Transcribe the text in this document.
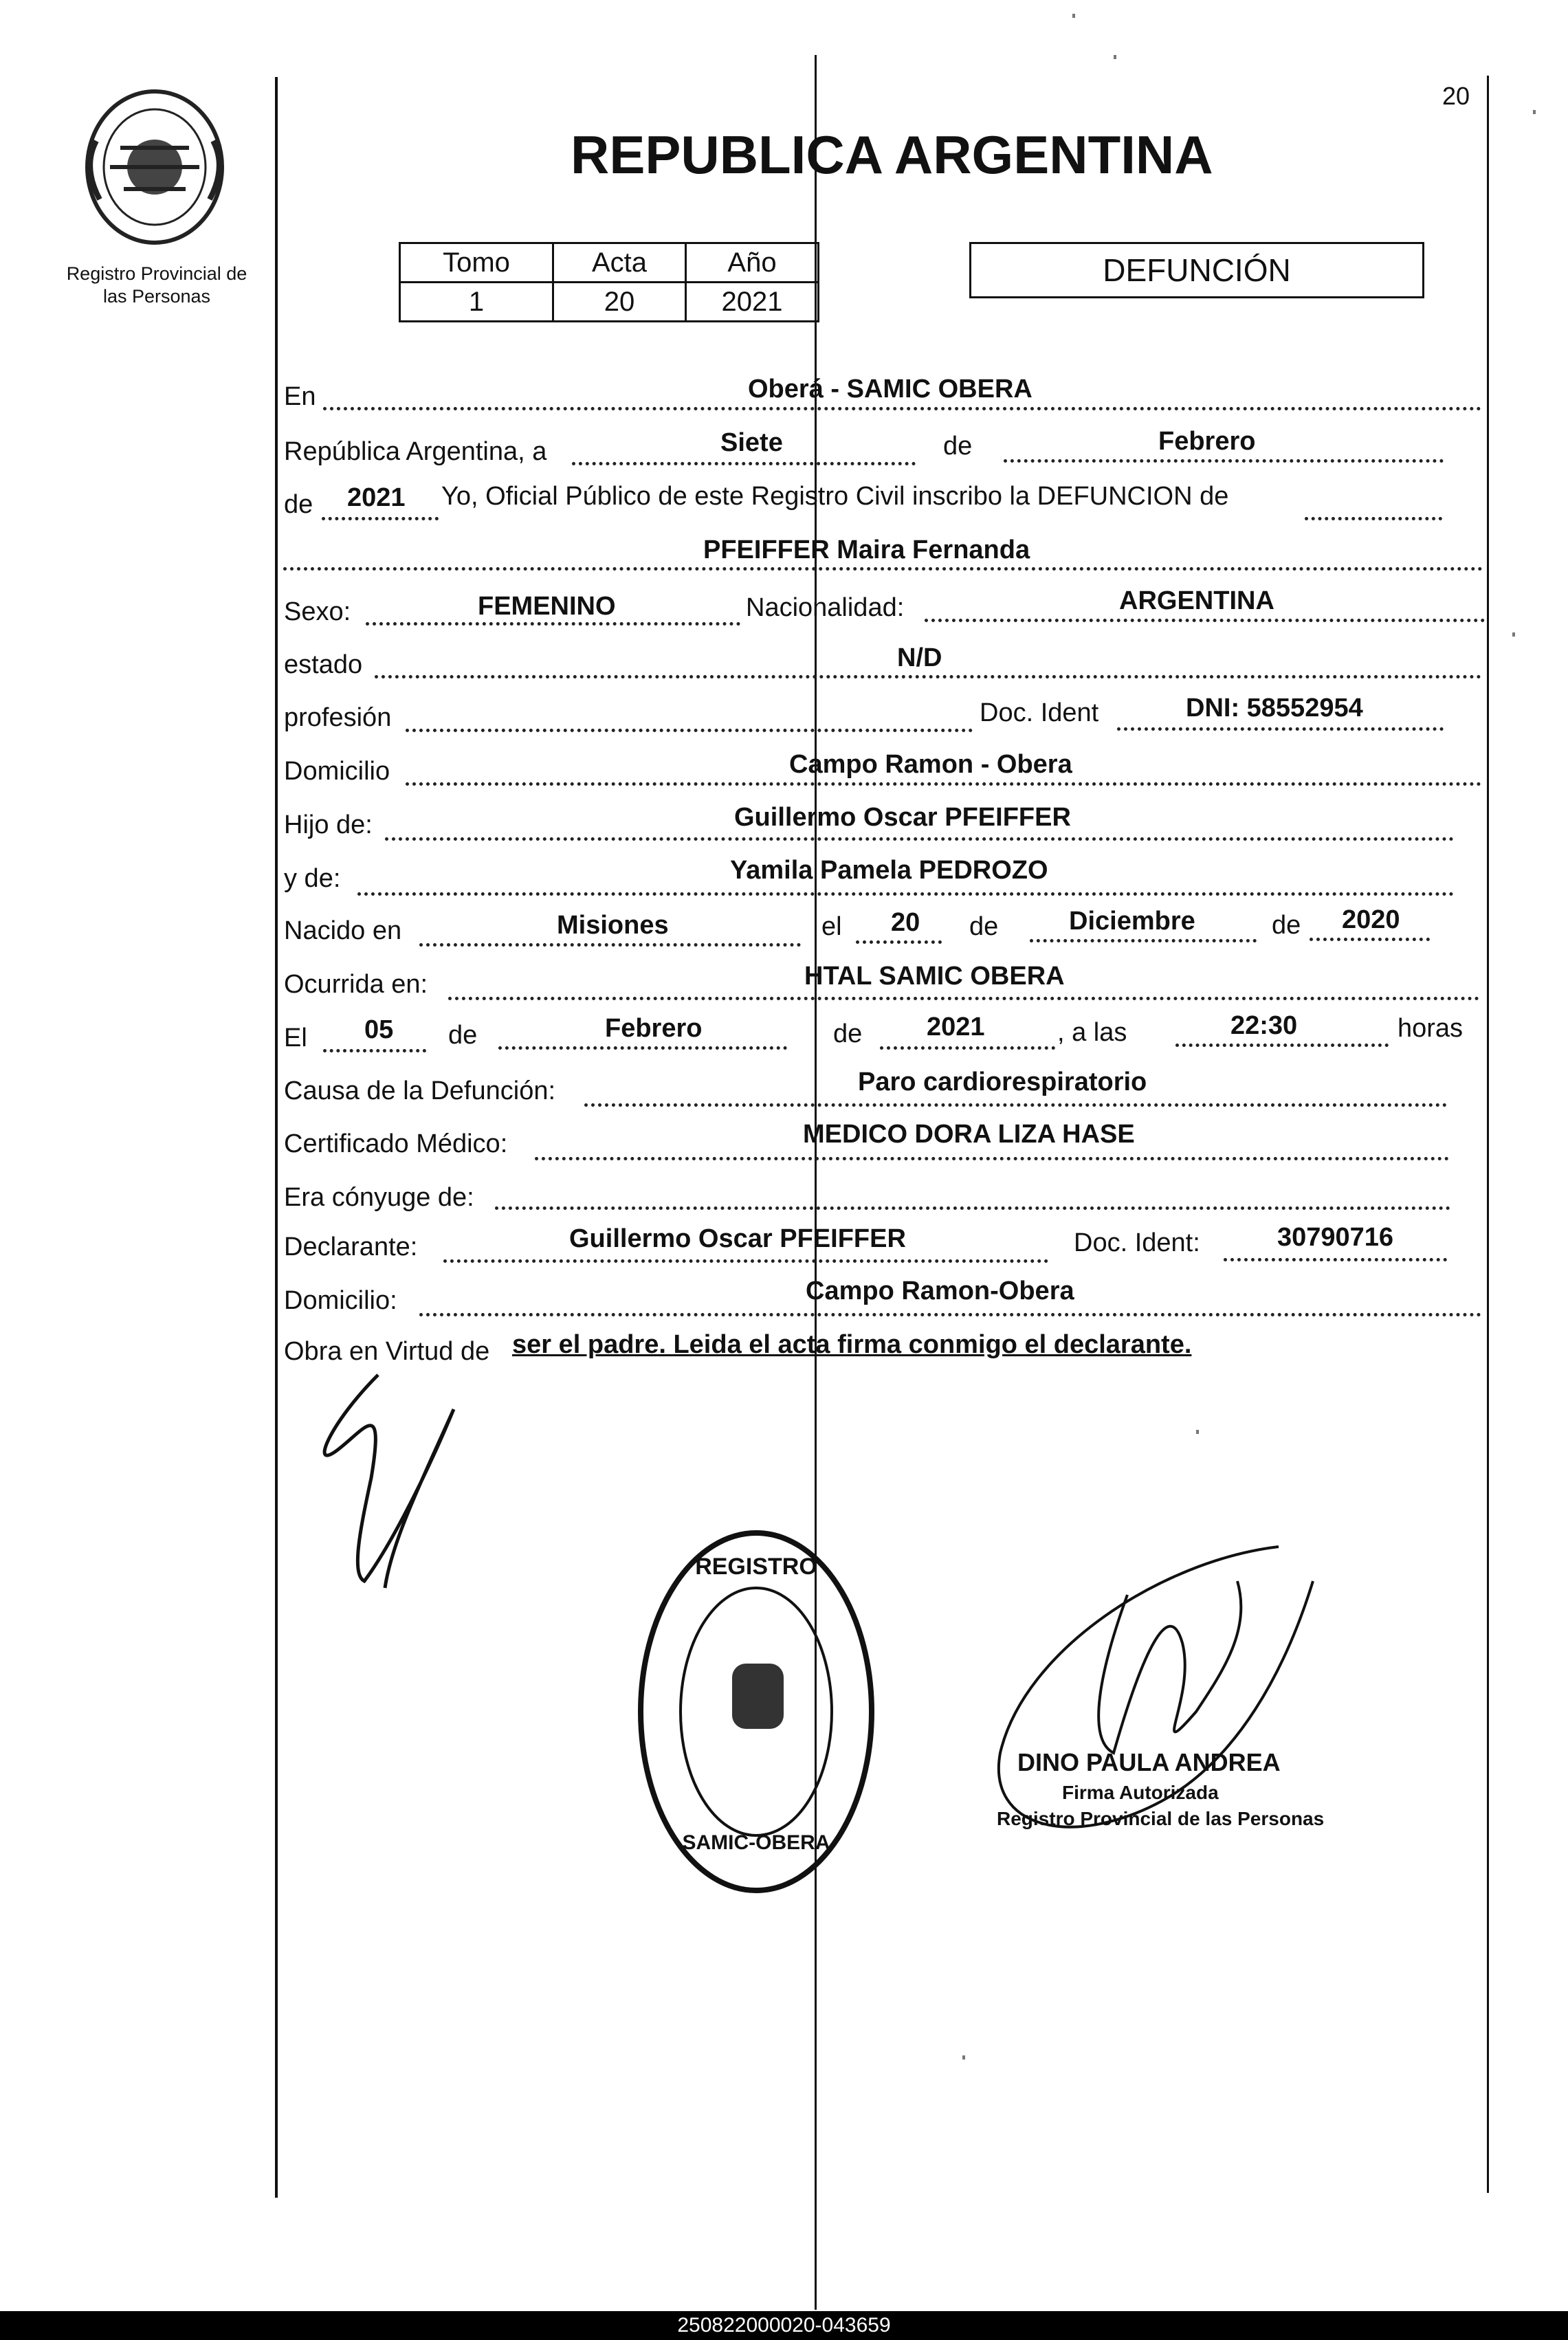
20
Registro Provincial de las Personas
REPUBLICA ARGENTINA
Tomo	Acta	Año
1	20	2021
DEFUNCIÓN
En	Oberá - SAMIC OBERA
República Argentina, a	Siete	de	Febrero
de 2021 Yo, Oficial Público de este Registro Civil inscribo la DEFUNCION de
PFEIFFER Maira Fernanda
Sexo:	FEMENINO	Nacionalidad:	ARGENTINA
estado	N/D
profesión	Doc. Ident	DNI: 58552954
Domicilio	Campo Ramon - Obera
Hijo de:	Guillermo Oscar PFEIFFER
y de:	Yamila Pamela PEDROZO
Nacido en	Misiones	el 20 de	Diciembre	de 2020
Ocurrida en:	HTAL SAMIC OBERA
El 05 de	Febrero	de 2021	, a las	22:30	horas
Causa de la Defunción:	Paro cardiorespiratorio
Certificado Médico:	MEDICO DORA LIZA HASE
Era cónyuge de:
Declarante:	Guillermo Oscar PFEIFFER	Doc. Ident:	30790716
Domicilio:	Campo Ramon-Obera
Obra en Virtud de ser el padre. Leida el acta firma conmigo el declarante.
REGISTRO
SAMIC-OBERA
DINO PAULA ANDREA
Firma Autorizada
Registro Provincial de las Personas
250822000020-043659
